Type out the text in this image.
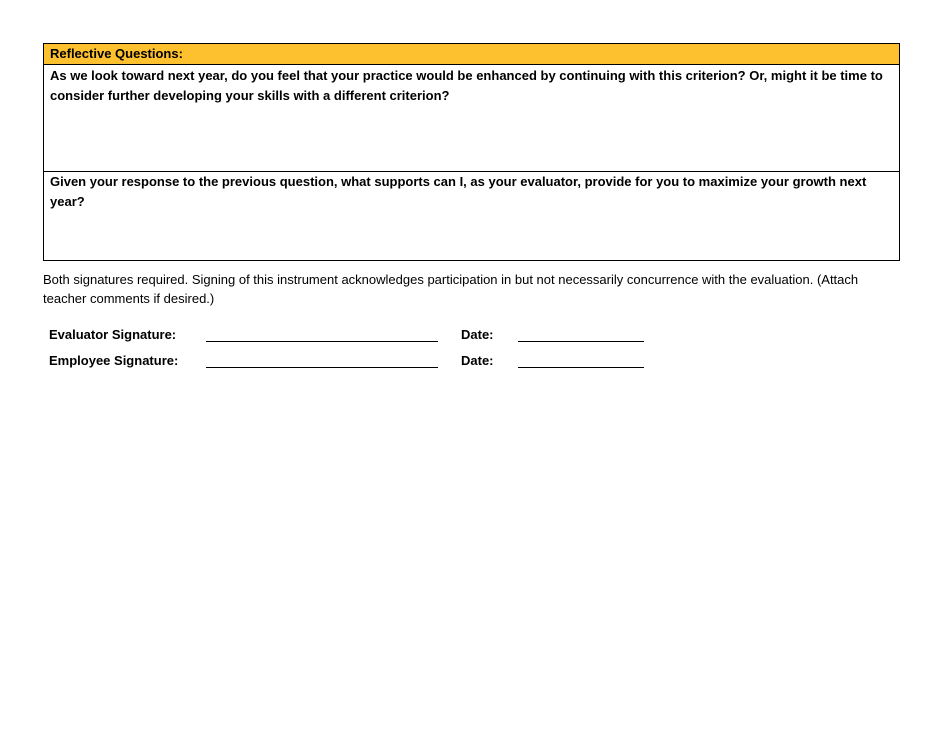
Reflective Questions:
As we look toward next year, do you feel that your practice would be enhanced by continuing with this criterion? Or, might it be time to consider further developing your skills with a different criterion?
Given your response to the previous question, what supports can I, as your evaluator, provide for you to maximize your growth next year?
Both signatures required. Signing of this instrument acknowledges participation in but not necessarily concurrence with the evaluation. (Attach teacher comments if desired.)
Evaluator Signature:	Date:
Employee Signature:	Date:
